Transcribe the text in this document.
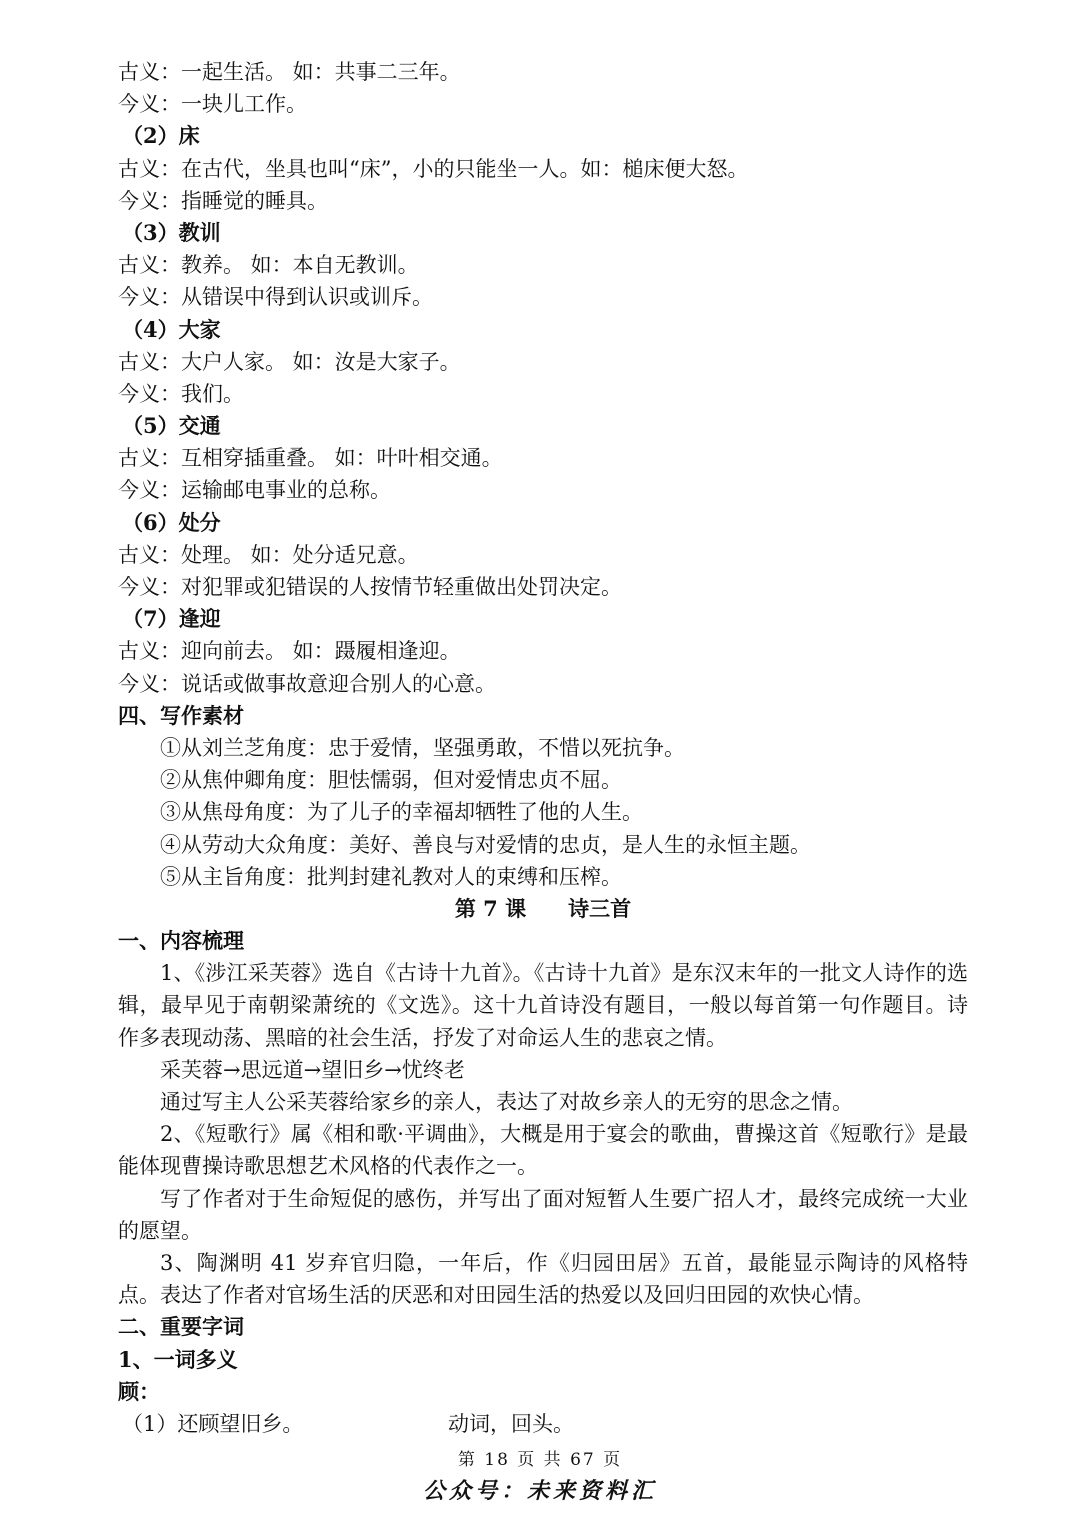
古义：一起生活。 如：共事二三年。
今义：一块儿工作。
（2）床
古义：在古代，坐具也叫“床”，小的只能坐一人。如：槌床便大怒。
今义：指睡觉的睡具。
（3）教训
古义：教养。 如：本自无教训。
今义：从错误中得到认识或训斥。
（4）大家
古义：大户人家。 如：汝是大家子。
今义：我们。
（5）交通
古义：互相穿插重叠。 如：叶叶相交通。
今义：运输邮电事业的总称。
（6）处分
古义：处理。 如：处分适兄意。
今义：对犯罪或犯错误的人按情节轻重做出处罚决定。
（7）逢迎
古义：迎向前去。 如：蹑履相逢迎。
今义：说话或做事故意迎合别人的心意。
四、写作素材
①从刘兰芝角度：忠于爱情，坚强勇敢，不惜以死抗争。
②从焦仲卿角度：胆怯懦弱，但对爱情忠贞不屈。
③从焦母角度：为了儿子的幸福却牺牲了他的人生。
④从劳动大众角度：美好、善良与对爱情的忠贞，是人生的永恒主题。
⑤从主旨角度：批判封建礼教对人的束缚和压榨。
第 7 课 诗三首
一、内容梳理
1、《涉江采芙蓉》选自《古诗十九首》。《古诗十九首》是东汉末年的一批文人诗作的选辑，最早见于南朝梁萧统的《文选》。这十九首诗没有题目，一般以每首第一句作题目。诗作多表现动荡、黑暗的社会生活，抒发了对命运人生的悲哀之情。
采芙蓉→思远道→望旧乡→忧终老
通过写主人公采芙蓉给家乡的亲人，表达了对故乡亲人的无穷的思念之情。
2、《短歌行》属《相和歌·平调曲》，大概是用于宴会的歌曲，曹操这首《短歌行》是最能体现曹操诗歌思想艺术风格的代表作之一。
写了作者对于生命短促的感伤，并写出了面对短暂人生要广招人才，最终完成统一大业的愿望。
3、陶渊明 41 岁弃官归隐，一年后，作《归园田居》五首，最能显示陶诗的风格特点。表达了作者对官场生活的厌恶和对田园生活的热爱以及回归田园的欢快心情。
二、重要字词
1、一词多义
顾：
（1）还顾望旧乡。	动词，回头。
第 18 页 共 67 页
公众号：未来资料汇
